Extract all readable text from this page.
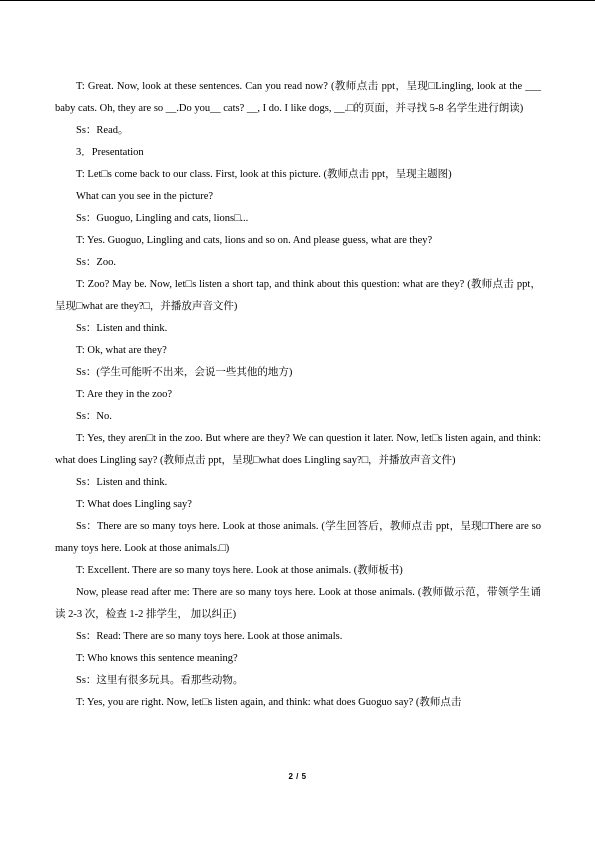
T: Great. Now, look at these sentences. Can you read now? (教师点击 ppt，呈现□Lingling, look at the ___ baby cats. Oh, they are so __.Do you__ cats? __, I do. I like dogs, __.□的页面，并寻找 5-8 名学生进行朗读)

Ss：Read。

3．Presentation

T: Let□s come back to our class. First, look at this picture. (教师点击 ppt，呈现主题图)

What can you see in the picture?

Ss：Guoguo, Lingling and cats, lions□...

T: Yes. Guoguo, Lingling and cats, lions and so on. And please guess, what are they?

Ss：Zoo.

T: Zoo? May be. Now, let□s listen a short tap, and think about this question: what are they? (教师点击 ppt，呈现□what are they?□，并播放声音文件)

Ss：Listen and think.

T: Ok, what are they?

Ss：(学生可能听不出来，会说一些其他的地方)

T: Are they in the zoo?

Ss：No.

T: Yes, they aren□t in the zoo. But where are they? We can question it later. Now, let□s listen again, and think: what does Lingling say? (教师点击 ppt，呈现□what does Lingling say?□，并播放声音文件)

Ss：Listen and think.

T: What does Lingling say?

Ss：There are so many toys here. Look at those animals. (学生回答后，教师点击 ppt，呈现□There are so many toys here. Look at those animals.□)

T: Excellent. There are so many toys here. Look at those animals. (教师板书)

Now, please read after me: There are so many toys here. Look at those animals. (教师做示范，带领学生诵读 2-3 次，检查 1-2 排学生， 加以纠正)

Ss：Read: There are so many toys here. Look at those animals.

T: Who knows this sentence meaning?

Ss：这里有很多玩具。看那些动物。

T: Yes, you are right. Now, let□s listen again, and think: what does Guoguo say? (教师点击

2 / 5
